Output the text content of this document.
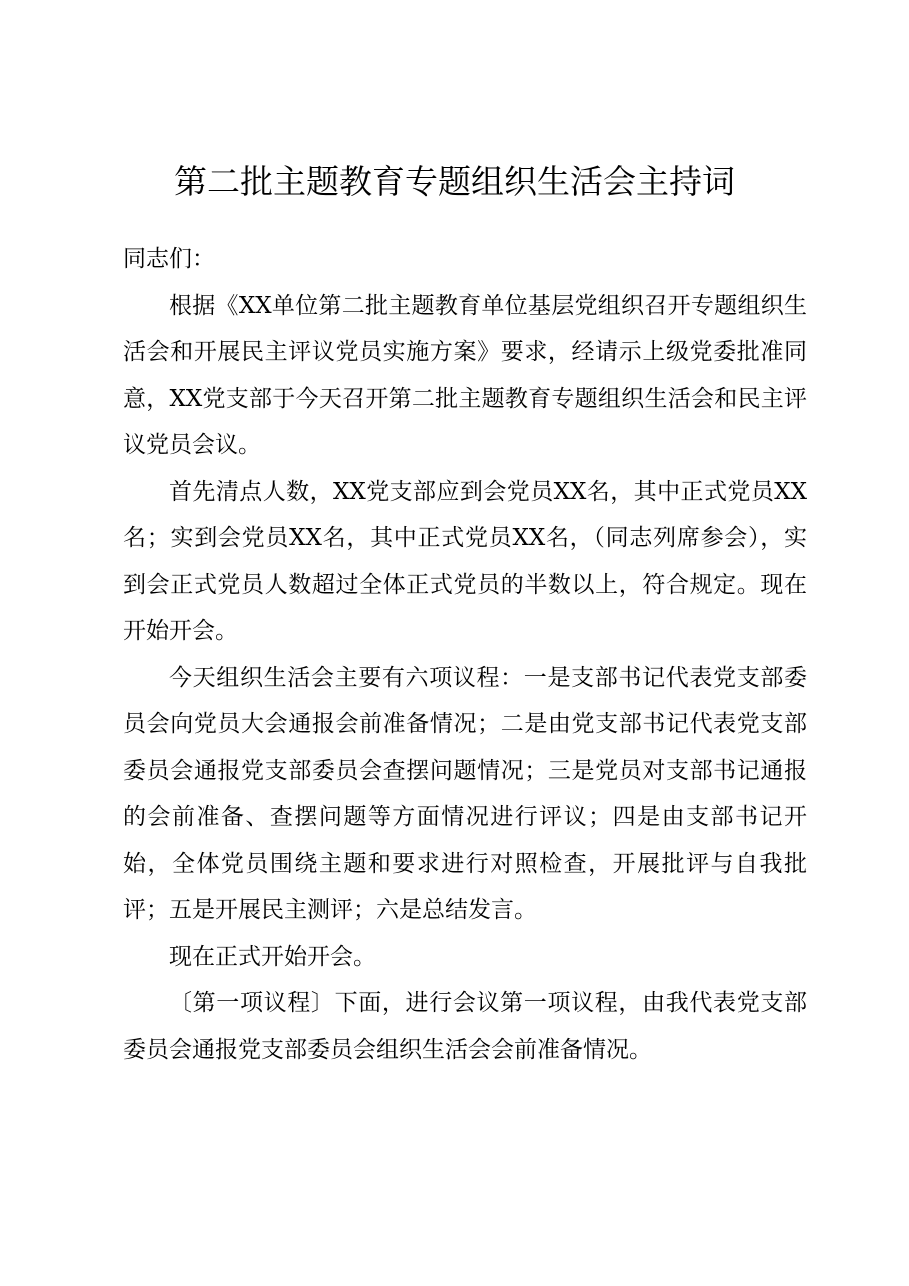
第二批主题教育专题组织生活会主持词

同志们：

根据《XX单位第二批主题教育单位基层党组织召开专题组织生活会和开展民主评议党员实施方案》要求，经请示上级党委批准同意，XX党支部于今天召开第二批主题教育专题组织生活会和民主评议党员会议。

首先清点人数，XX党支部应到会党员XX名，其中正式党员XX名；实到会党员XX名，其中正式党员XX名，（同志列席参会），实到会正式党员人数超过全体正式党员的半数以上，符合规定。现在开始开会。

今天组织生活会主要有六项议程：一是支部书记代表党支部委员会向党员大会通报会前准备情况；二是由党支部书记代表党支部委员会通报党支部委员会查摆问题情况；三是党员对支部书记通报的会前准备、查摆问题等方面情况进行评议；四是由支部书记开始，全体党员围绕主题和要求进行对照检查，开展批评与自我批评；五是开展民主测评；六是总结发言。

现在正式开始开会。

〔第一项议程〕下面，进行会议第一项议程，由我代表党支部委员会通报党支部委员会组织生活会会前准备情况。
